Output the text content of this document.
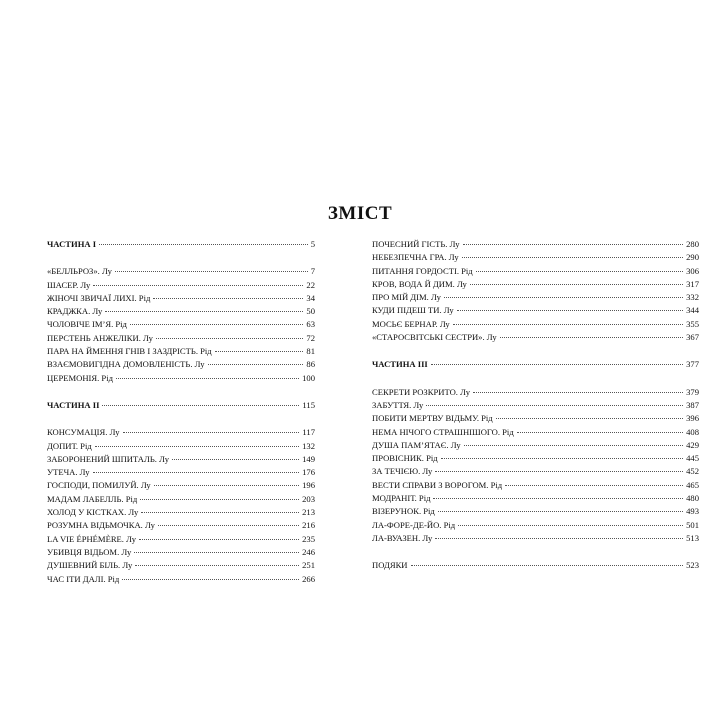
ЗМІСТ
ЧАСТИНА I	5
«БЕЛЛЬРОЗ». Лу	7
ШАСЕР. Лу	22
ЖІНОЧІ ЗВИЧАЇ ЛИХІ. Рід	34
КРАДЖКА. Лу	50
ЧОЛОВІЧЕ ІМ’Я. Рід	63
ПЕРСТЕНЬ АНЖЕЛІКИ. Лу	72
ПАРА НА ЙМЕННЯ ГНІВ І ЗАЗДРІСТЬ. Рід	81
ВЗАЄМОВИГІДНА ДОМОВЛЕНІСТЬ. Лу	86
ЦЕРЕМОНІЯ. Рід	100
ЧАСТИНА II	115
КОНСУМАЦІЯ. Лу	117
ДОПИТ. Рід	132
ЗАБОРОНЕНИЙ ШПИТАЛЬ. Лу	149
УТЕЧА. Лу	176
ГОСПОДИ, ПОМИЛУЙ. Лу	196
МАДАМ ЛАБЕЛЛЬ. Рід	203
ХОЛОД У КІСТКАХ. Лу	213
РОЗУМНА ВІДЬМОЧКА. Лу	216
LA VIE ÉPHÉMÈRE. Лу	235
УБИВЦЯ ВІДЬОМ. Лу	246
ДУШЕВНИЙ БІЛЬ. Лу	251
ЧАС ІТИ ДАЛІ. Рід	266
ПОЧЕСНИЙ ГІСТЬ. Лу	280
НЕБЕЗПЕЧНА ГРА. Лу	290
ПИТАННЯ ГОРДОСТІ. Рід	306
КРОВ, ВОДА Й ДИМ. Лу	317
ПРО МІЙ ДІМ. Лу	332
КУДИ ПІДЕШ ТИ. Лу	344
МОСЬЄ БЕРНАР. Лу	355
«СТАРОСВІТСЬКІ СЕСТРИ». Лу	367
ЧАСТИНА III	377
СЕКРЕТИ РОЗКРИТО. Лу	379
ЗАБУТТЯ. Лу	387
ПОБИТИ МЕРТВУ ВІДЬМУ. Рід	396
НЕМА НІЧОГО СТРАШНІШОГО. Рід	408
ДУША ПАМ’ЯТАЄ. Лу	429
ПРОВІСНИК. Рід	445
ЗА ТЕЧІЄЮ. Лу	452
ВЕСТИ СПРАВИ З ВОРОГОМ. Рід	465
МОДРАНІТ. Рід	480
ВІЗЕРУНОК. Рід	493
ЛА-ФОРЕ-ДЕ-ЙО. Рід	501
ЛА-ВУАЗЕН. Лу	513
ПОДЯКИ	523
